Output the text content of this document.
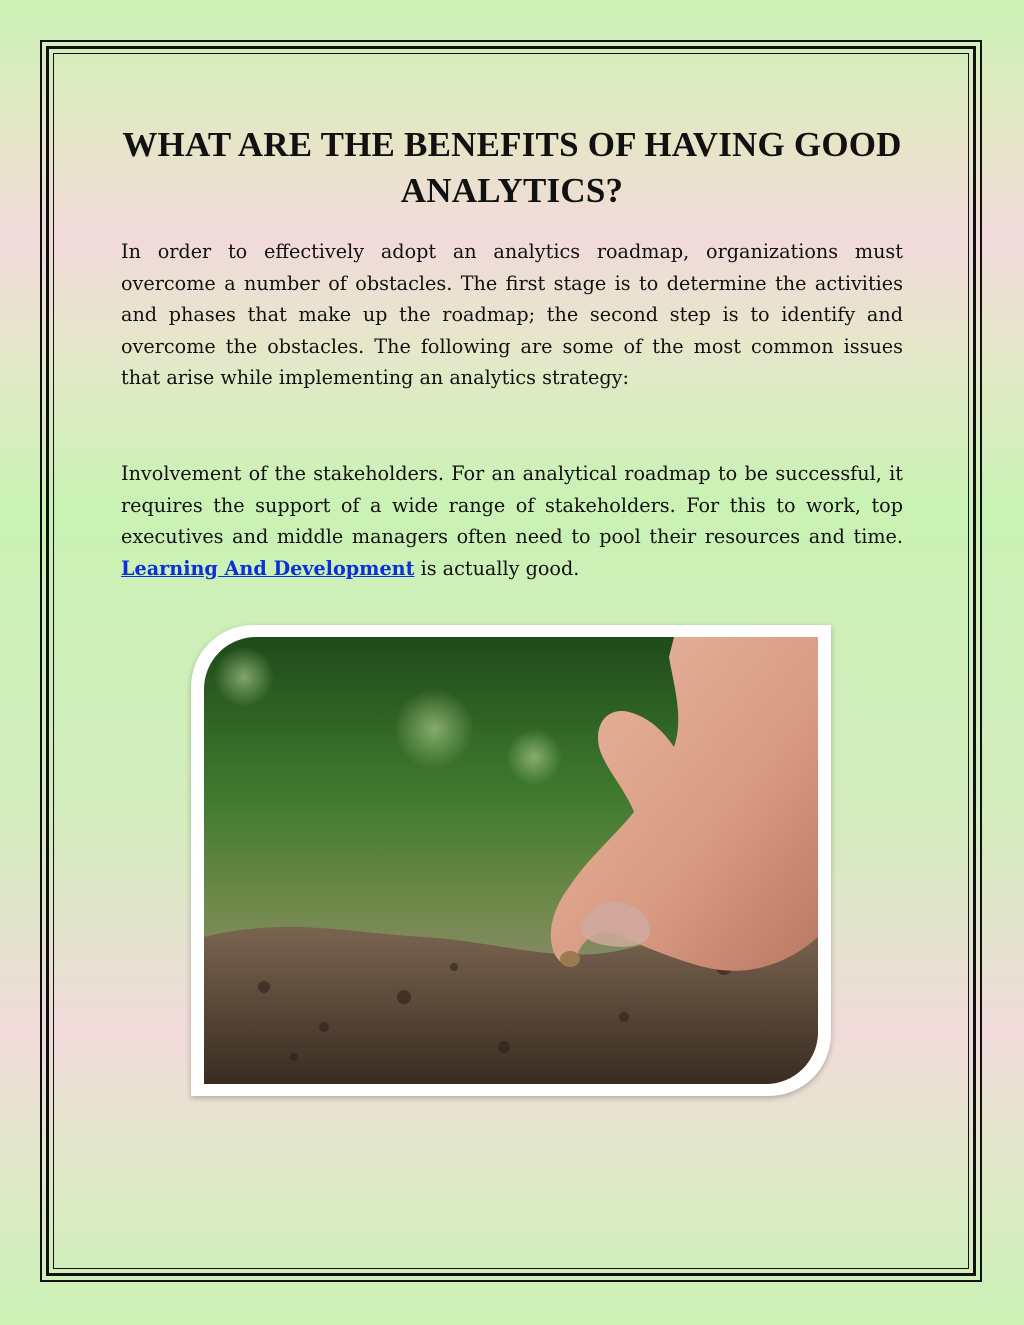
WHAT ARE THE BENEFITS OF HAVING GOOD ANALYTICS?

In order to effectively adopt an analytics roadmap, organizations must overcome a number of obstacles. The first stage is to determine the activities and phases that make up the roadmap; the second step is to identify and overcome the obstacles. The following are some of the most common issues that arise while implementing an analytics strategy:

Involvement of the stakeholders. For an analytical roadmap to be successful, it requires the support of a wide range of stakeholders. For this to work, top executives and middle managers often need to pool their resources and time. Learning And Development is actually good.
